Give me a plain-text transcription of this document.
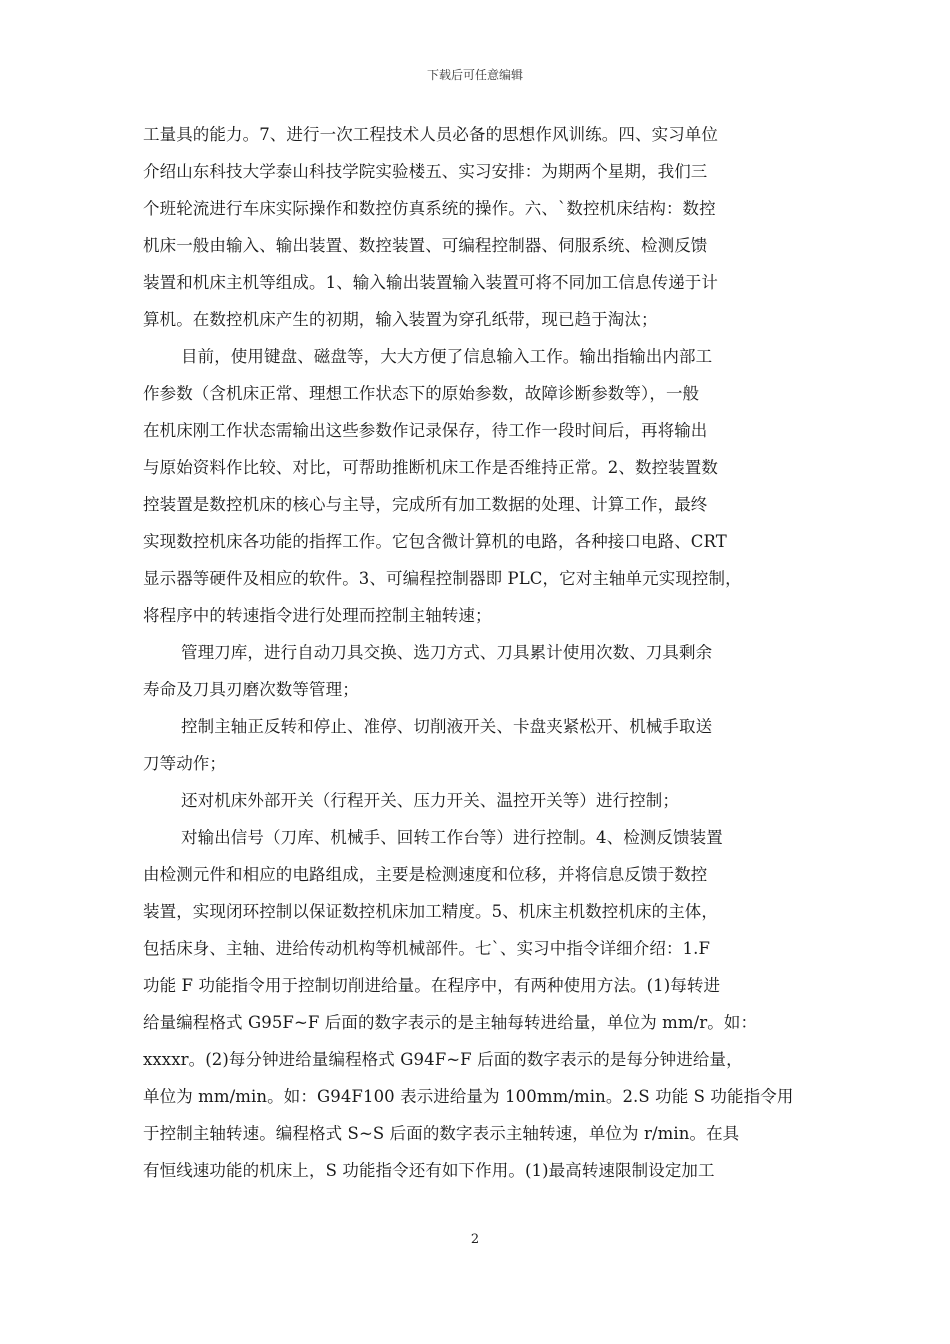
下载后可任意编辑
工量具的能力。7、进行一次工程技术人员必备的思想作风训练。四、实习单位
介绍山东科技大学泰山科技学院实验楼五、实习安排：为期两个星期，我们三
个班轮流进行车床实际操作和数控仿真系统的操作。六、`数控机床结构：数控
机床一般由输入、输出装置、数控装置、可编程控制器、伺服系统、检测反馈
装置和机床主机等组成。1、输入输出装置输入装置可将不同加工信息传递于计
算机。在数控机床产生的初期，输入装置为穿孔纸带，现已趋于淘汰；
目前，使用键盘、磁盘等，大大方便了信息输入工作。输出指输出内部工
作参数（含机床正常、理想工作状态下的原始参数，故障诊断参数等），一般
在机床刚工作状态需输出这些参数作记录保存，待工作一段时间后，再将输出
与原始资料作比较、对比，可帮助推断机床工作是否维持正常。2、数控装置数
控装置是数控机床的核心与主导，完成所有加工数据的处理、计算工作，最终
实现数控机床各功能的指挥工作。它包含微计算机的电路，各种接口电路、CRT
显示器等硬件及相应的软件。3、可编程控制器即 PLC，它对主轴单元实现控制，
将程序中的转速指令进行处理而控制主轴转速；
管理刀库，进行自动刀具交换、选刀方式、刀具累计使用次数、刀具剩余
寿命及刀具刃磨次数等管理；
控制主轴正反转和停止、准停、切削液开关、卡盘夹紧松开、机械手取送
刀等动作；
还对机床外部开关（行程开关、压力开关、温控开关等）进行控制；
对输出信号（刀库、机械手、回转工作台等）进行控制。4、检测反馈装置
由检测元件和相应的电路组成，主要是检测速度和位移，并将信息反馈于数控
装置，实现闭环控制以保证数控机床加工精度。5、机床主机数控机床的主体，
包括床身、主轴、进给传动机构等机械部件。七`、实习中指令详细介绍：1.F
功能 F 功能指令用于控制切削进给量。在程序中，有两种使用方法。(1)每转进
给量编程格式 G95F~F 后面的数字表示的是主轴每转进给量，单位为 mm/r。如：
xxxxr。(2)每分钟进给量编程格式 G94F~F 后面的数字表示的是每分钟进给量，
单位为 mm/min。如：G94F100 表示进给量为 100mm/min。2.S 功能 S 功能指令用
于控制主轴转速。编程格式 S~S 后面的数字表示主轴转速，单位为 r/min。在具
有恒线速功能的机床上，S 功能指令还有如下作用。(1)最高转速限制设定加工
2
